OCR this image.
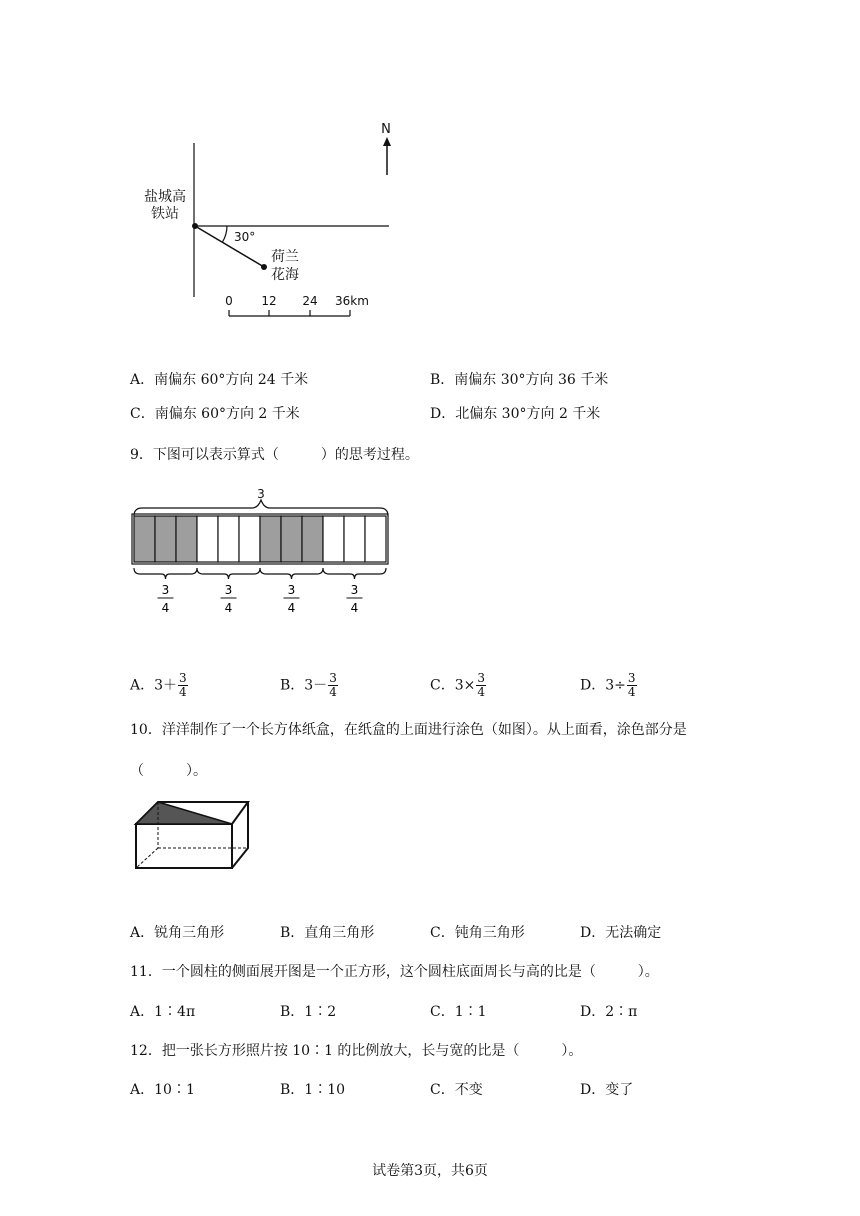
N
盐城高
铁站
30°
荷兰
花海
0 12 24 36km
A．南偏东 60°方向 24 千米	B．南偏东 30°方向 36 千米
C．南偏东 60°方向 2 千米	D．北偏东 30°方向 2 千米
9．下图可以表示算式（　　　）的思考过程。
3
3
4
3
4
3
4
3
4
A．$3+ \frac{3}{4}$	B．$3- \frac{3}{4}$	C．$3\times \frac{3}{4}$	D．$3\div \frac{3}{4}$
10．洋洋制作了一个长方体纸盒，在纸盒的上面进行涂色（如图）。从上面看，涂色部分是
（　　　）。
A．锐角三角形	B．直角三角形	C．钝角三角形	D．无法确定
11．一个圆柱的侧面展开图是一个正方形，这个圆柱底面周长与高的比是（　　　）。
A．1∶4π	B．1∶2	C．1∶1	D．2∶π
12．把一张长方形照片按 10∶1 的比例放大，长与宽的比是（　　　）。
A．10∶1	B．1∶10	C．不变	D．变了
试卷第3页，共6页
